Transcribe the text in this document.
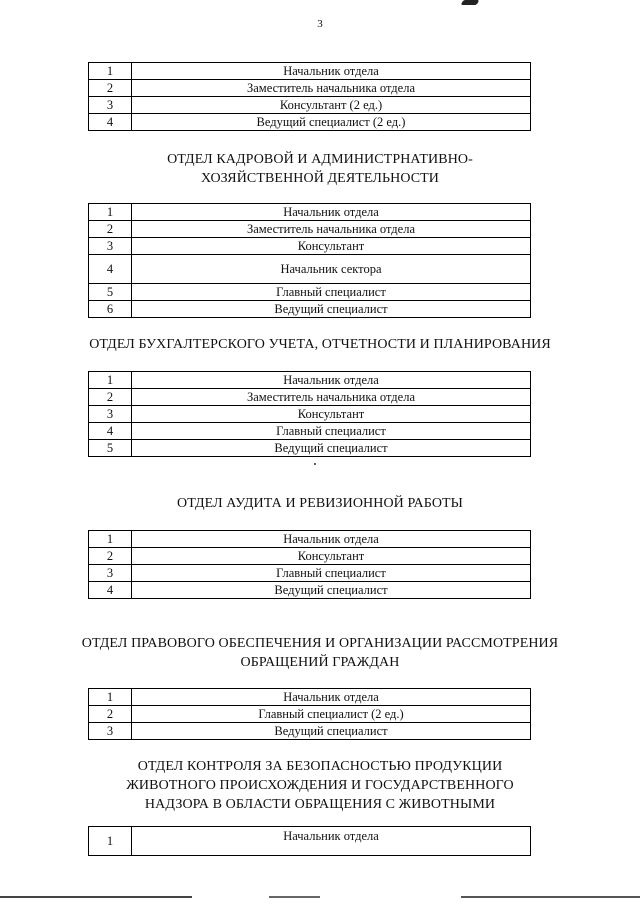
3
1	Начальник отдела
2	Заместитель начальника отдела
3	Консультант (2 ед.)
4	Ведущий специалист (2 ед.)
ОТДЕЛ КАДРОВОЙ И АДМИНИСТРНАТИВНО-ХОЗЯЙСТВЕННОЙ ДЕЯТЕЛЬНОСТИ
1	Начальник отдела
2	Заместитель начальника отдела
3	Консультант
4	Начальник сектора
5	Главный специалист
6	Ведущий специалист
ОТДЕЛ БУХГАЛТЕРСКОГО УЧЕТА, ОТЧЕТНОСТИ И ПЛАНИРОВАНИЯ
1	Начальник отдела
2	Заместитель начальника отдела
3	Консультант
4	Главный специалист
5	Ведущий специалист
ОТДЕЛ АУДИТА И РЕВИЗИОННОЙ РАБОТЫ
1	Начальник отдела
2	Консультант
3	Главный специалист
4	Ведущий специалист
ОТДЕЛ ПРАВОВОГО ОБЕСПЕЧЕНИЯ И ОРГАНИЗАЦИИ РАССМОТРЕНИЯ ОБРАЩЕНИЙ ГРАЖДАН
1	Начальник отдела
2	Главный специалист (2 ед.)
3	Ведущий специалист
ОТДЕЛ КОНТРОЛЯ ЗА БЕЗОПАСНОСТЬЮ ПРОДУКЦИИ ЖИВОТНОГО ПРОИСХОЖДЕНИЯ И ГОСУДАРСТВЕННОГО НАДЗОРА В ОБЛАСТИ ОБРАЩЕНИЯ С ЖИВОТНЫМИ
1	Начальник отдела
